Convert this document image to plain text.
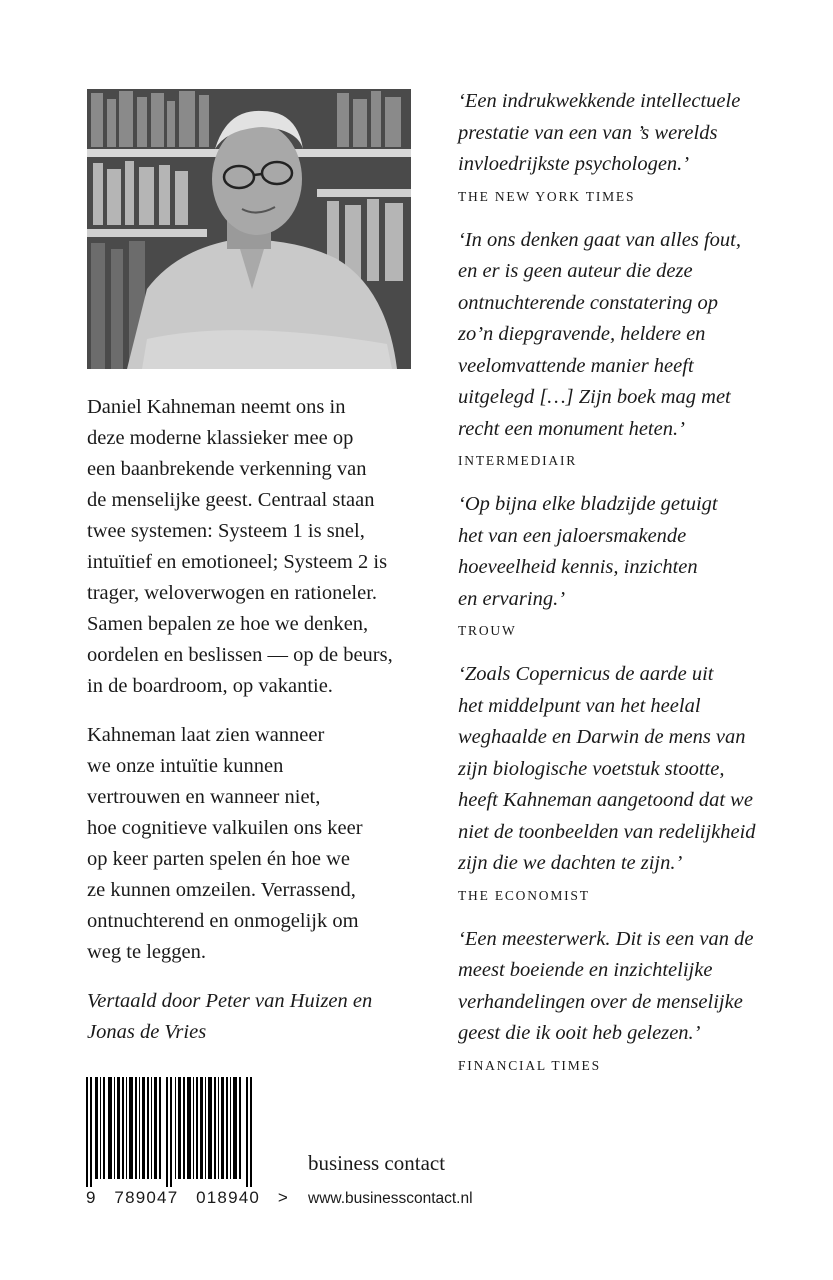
Daniel Kahneman neemt ons in
deze moderne klassieker mee op
een baanbrekende verkenning van
de menselijke geest. Centraal staan
twee systemen: Systeem 1 is snel,
intuïtief en emotioneel; Systeem 2 is
trager, weloverwogen en rationeler.
Samen bepalen ze hoe we denken,
oordelen en beslissen — op de beurs,
in de boardroom, op vakantie.

Kahneman laat zien wanneer
we onze intuïtie kunnen
vertrouwen en wanneer niet,
hoe cognitieve valkuilen ons keer
op keer parten spelen én hoe we
ze kunnen omzeilen. Verrassend,
ontnuchterend en onmogelijk om
weg te leggen.

Vertaald door Peter van Huizen en
Jonas de Vries

‘Een indrukwekkende intellectuele
prestatie van een van ’s werelds
invloedrijkste psychologen.’

THE NEW YORK TIMES

‘In ons denken gaat van alles fout,
en er is geen auteur die deze
ontnuchterende constatering op
zo’n diepgravende, heldere en
veelomvattende manier heeft
uitgelegd […] Zijn boek mag met
recht een monument heten.’

INTERMEDIAIR

‘Op bijna elke bladzijde getuigt
het van een jaloersmakende
hoeveelheid kennis, inzichten
en ervaring.’

TROUW

‘Zoals Copernicus de aarde uit
het middelpunt van het heelal
weghaalde en Darwin de mens van
zijn biologische voetstuk stootte,
heeft Kahneman aangetoond dat we
niet de toonbeelden van redelijkheid
zijn die we dachten te zijn.’

THE ECONOMIST

‘Een meesterwerk. Dit is een van de
meest boeiende en inzichtelijke
verhandelingen over de menselijke
geest die ik ooit heb gelezen.’

FINANCIAL TIMES
9   789047   018940   >
business contact
www.businesscontact.nl
